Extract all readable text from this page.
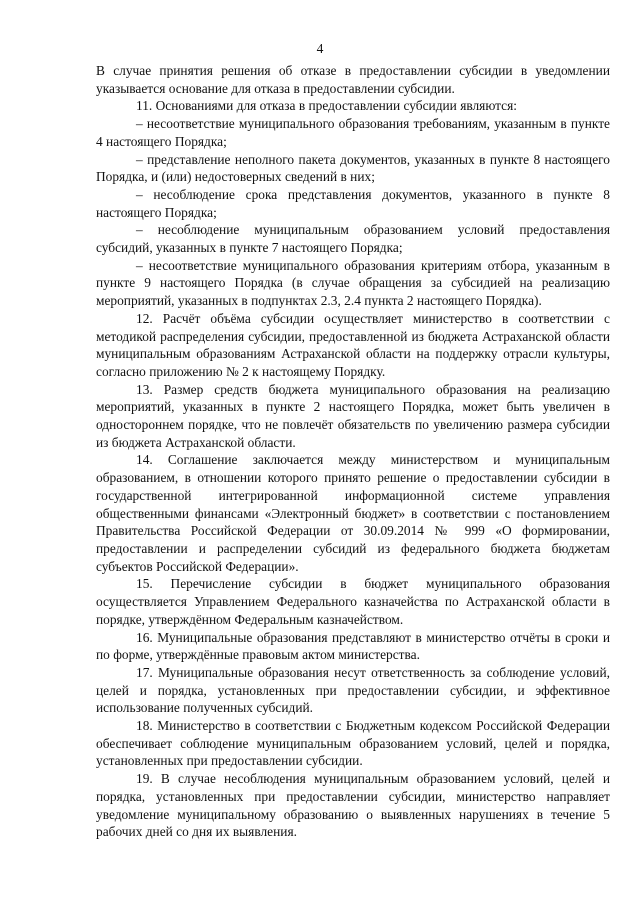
4

В случае принятия решения об отказе в предоставлении субсидии в уведомлении указывается основание для отказа в предоставлении субсидии.

11. Основаниями для отказа в предоставлении субсидии являются:

– несоответствие муниципального образования требованиям, указанным в пункте 4 настоящего Порядка;

– представление неполного пакета документов, указанных в пункте 8 настоящего Порядка, и (или) недостоверных сведений в них;

– несоблюдение срока представления документов, указанного в пункте 8 настоящего Порядка;

– несоблюдение муниципальным образованием условий предоставления субсидий, указанных в пункте 7 настоящего Порядка;

– несоответствие муниципального образования критериям отбора, указанным в пункте 9 настоящего Порядка (в случае обращения за субсидией на реализацию мероприятий, указанных в подпунктах 2.3, 2.4 пункта 2 настоящего Порядка).

12. Расчёт объёма субсидии осуществляет министерство в соответствии с методикой распределения субсидии, предоставленной из бюджета Астраханской области муниципальным образованиям Астраханской области на поддержку отрасли культуры, согласно приложению № 2 к настоящему Порядку.

13. Размер средств бюджета муниципального образования на реализацию мероприятий, указанных в пункте 2 настоящего Порядка, может быть увеличен в одностороннем порядке, что не повлечёт обязательств по увеличению размера субсидии из бюджета Астраханской области.

14. Соглашение заключается между министерством и муниципальным образованием, в отношении которого принято решение о предоставлении субсидии в государственной интегрированной информационной системе управления общественными финансами «Электронный бюджет» в соответствии с постановлением Правительства Российской Федерации от 30.09.2014 № 999 «О формировании, предоставлении и распределении субсидий из федерального бюджета бюджетам субъектов Российской Федерации».

15. Перечисление субсидии в бюджет муниципального образования осуществляется Управлением Федерального казначейства по Астраханской области в порядке, утверждённом Федеральным казначейством.

16. Муниципальные образования представляют в министерство отчёты в сроки и по форме, утверждённые правовым актом министерства.

17. Муниципальные образования несут ответственность за соблюдение условий, целей и порядка, установленных при предоставлении субсидии, и эффективное использование полученных субсидий.

18. Министерство в соответствии с Бюджетным кодексом Российской Федерации обеспечивает соблюдение муниципальным образованием условий, целей и порядка, установленных при предоставлении субсидии.

19. В случае несоблюдения муниципальным образованием условий, целей и порядка, установленных при предоставлении субсидии, министерство направляет уведомление муниципальному образованию о выявленных нарушениях в течение 5 рабочих дней со дня их выявления.
